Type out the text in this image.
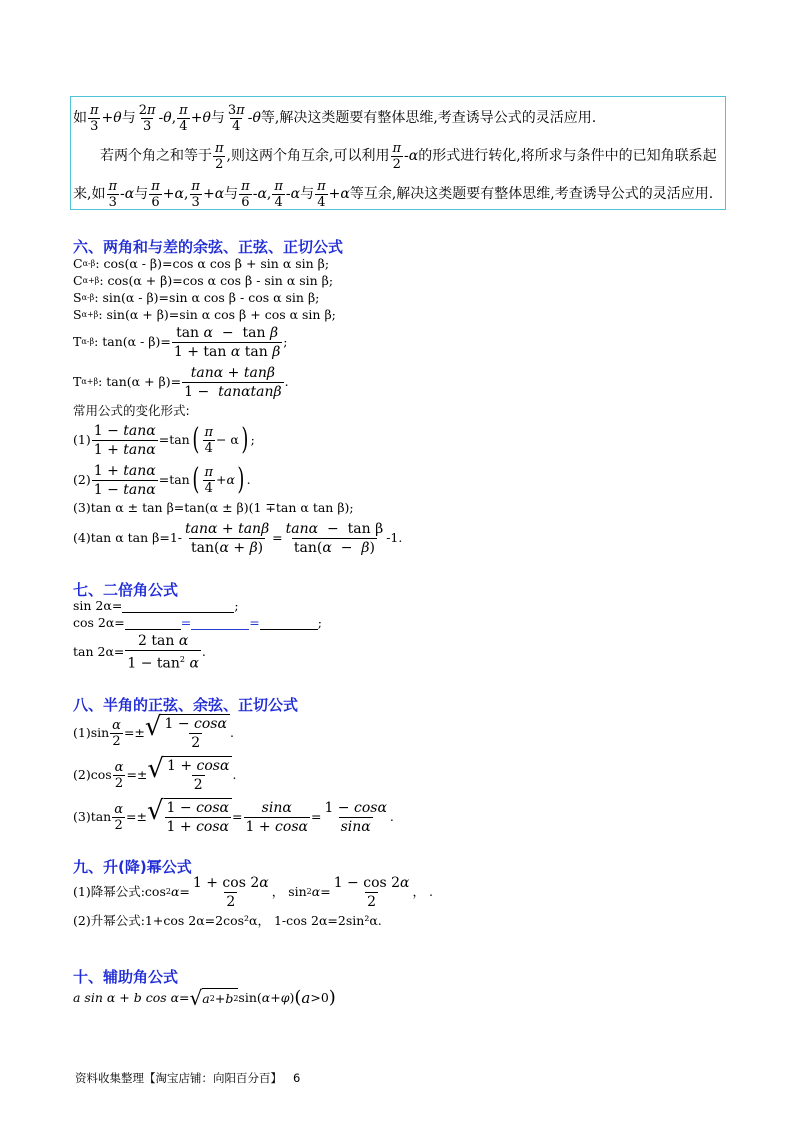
如 $\frac{\pi}{3} + \theta$ 与 $\frac{2\pi}{3}$ - θ , $\frac{\pi}{4} + \theta$ 与 $\frac{3\pi}{4}$ - θ 等,解决这类题要有整体思维,考查诱导公式的灵活应用.
若两个角之和等于 $\frac{\pi}{2}$ ,则这两个角互余,可以利用 $\frac{\pi}{2}$ - α 的形式进行转化,将所求与条件中的已知角联系起
来,如 $\frac{\pi}{3}$ - α 与 $\frac{\pi}{6} + \alpha$ , $\frac{\pi}{3} + \alpha$ 与 $\frac{\pi}{6}$ - α , $\frac{\pi}{4}$ - α 与 $\frac{\pi}{4} + \alpha$ 等互余,解决这类题要有整体思维,考查诱导公式的灵活应用.
六、两角和与差的余弦、正弦、正切公式
C α-β : cos(α - β)=cos α cos β + sin α sin β;
C α+β : cos(α + β)=cos α cos β - sin α sin β;
S α-β : sin(α - β)=sin α cos β - cos α sin β;
S α+β : sin(α + β)=sin α cos β + cos α sin β;
T α-β : $\tan(\alpha - \beta)= \frac{\text{tan α  −  tan β}}{\text{1 + tan α tan β}}$ ;
T α+β : $\tan(\alpha + \beta)= \frac{\tan\alpha + \tan\beta}{1 - \tan\alpha\tan\beta}$ .
常用公式的变化形式:
$(1) \frac{1 - \tan\alpha}{1 + \tan\alpha} =\tan$ ( $\frac{\pi}{4} - \alpha$ ) ;
$(2) \frac{1 + \tan\alpha}{1 - \tan\alpha} =\tan$ ( $\frac{\pi}{4} + \alpha$ ) .
(3)tan α ± tan β=tan(α ± β)(1 ∓tan α tan β);
(4)tan α $\tan \beta=1- \frac{\tan\alpha + \tan\beta}{\tan(\alpha + \beta)} = \frac{\text{tanα  −  tan β}}{\tan(\alpha - \beta)} -1$.
七、二倍角公式
sin 2α=	;
cos 2α=	=	=	;
$\tan 2\alpha= \frac{\text{2 tan α}}{1 - \tan^2 \alpha}$ .
八、半角的正弦、余弦、正切公式
$(1)\sin \frac{\alpha}{2}$ =± √ $\frac{1 - \cos\alpha}{2}$ .
$(2)\cos \frac{\alpha}{2}$ =± √ $\frac{1 + \cos\alpha}{2}$ .
$(3)\tan \frac{\alpha}{2}$ =± √ $\frac{1 - \cos\alpha}{1 + \cos\alpha} = \frac{\sin\alpha}{1 + \cos\alpha} = \frac{1 - \cos\alpha}{\sin\alpha}$ .
九、升(降)幂公式
(1)降幂公式:cos 2 $\alpha = \frac{1 + \cos 2\alpha}{2}$ ， sin 2 $\alpha = \frac{1 - \cos 2\alpha}{2}$ ， .
(2)升幂公式:1+cos 2α=2cos²α， 1-cos 2α=2sin²α.
十、辅助角公式
a sin α + b cos α= √ a 2 + b 2 sin( α + φ ) ( a >0 )
资料收集整理【淘宝店铺：向阳百分百】 6
